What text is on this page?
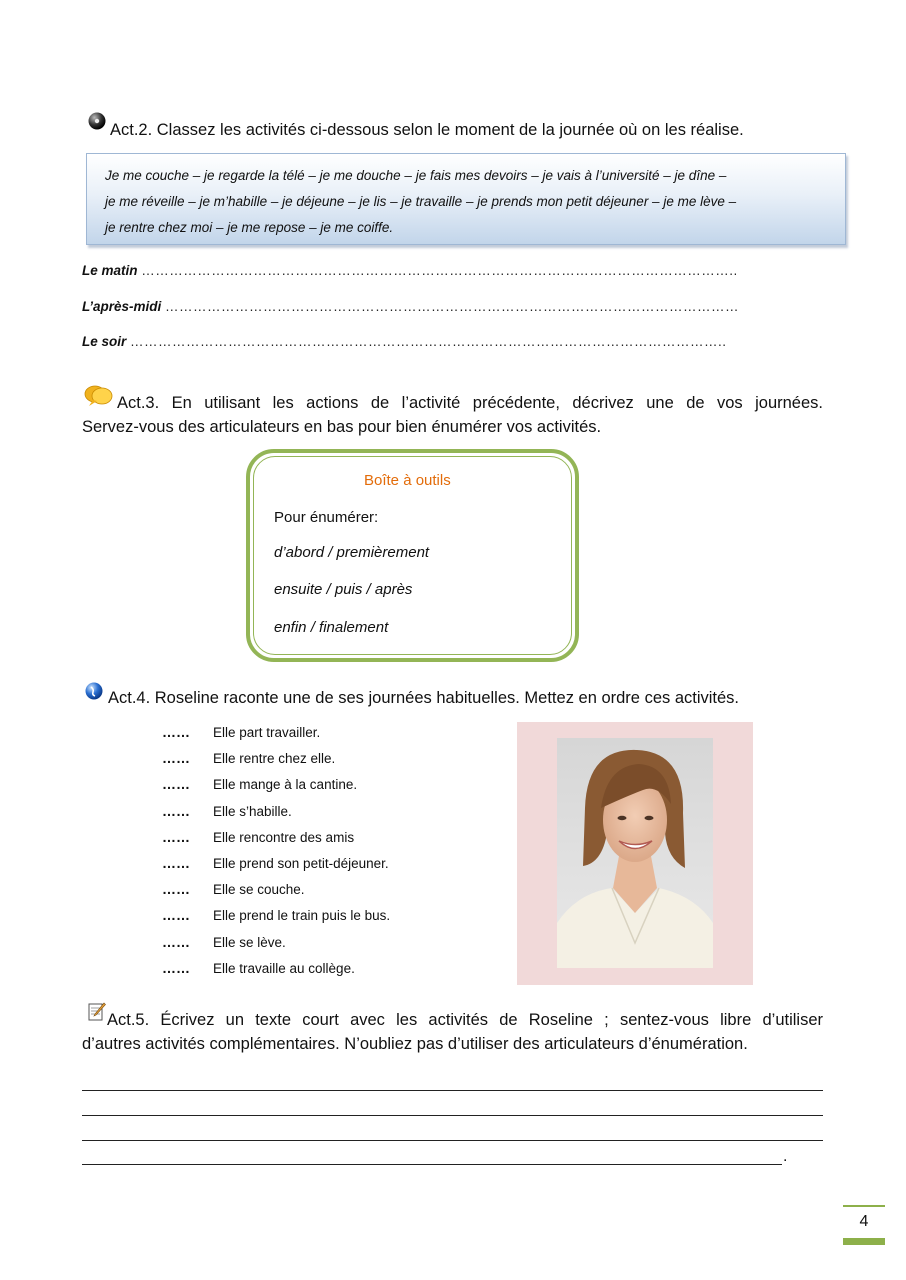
Act.2. Classez les activités ci-dessous selon le moment de la journée où on les réalise.
Je me couche – je regarde la télé – je me douche – je fais mes devoirs – je vais à l’université – je dîne –
je me réveille – je m’habille – je déjeune – je lis – je travaille – je prends mon petit déjeuner – je me lève –
je rentre chez moi – je me repose – je me coiffe.
Le matin ………………………………………………………………………………………………………………..
L’après-midi ……………………………………………………………………………………………………………
Le soir ………………………………………………………………………………………………………………..
Act.3. En utilisant les actions de l’activité précédente, décrivez une de vos journées.
Servez-vous des articulateurs en bas pour bien énumérer vos activités.
Boîte à outils
Pour énumérer:
d’abord / premièrement
ensuite / puis / après
enfin / finalement
Act.4. Roseline raconte une de ses journées habituelles. Mettez en ordre ces activités.
…… Elle part travailler.
…… Elle rentre chez elle.
…… Elle mange à la cantine.
…… Elle s’habille.
…… Elle rencontre des amis
…… Elle prend son petit-déjeuner.
…… Elle se couche.
…… Elle prend le train puis le bus.
…… Elle se lève.
…… Elle travaille au collège.
Act.5. Écrivez un texte court avec les activités de Roseline ; sentez-vous libre d’utiliser
d’autres activités complémentaires. N’oubliez pas d’utiliser des articulateurs d’énumération.
.
4
